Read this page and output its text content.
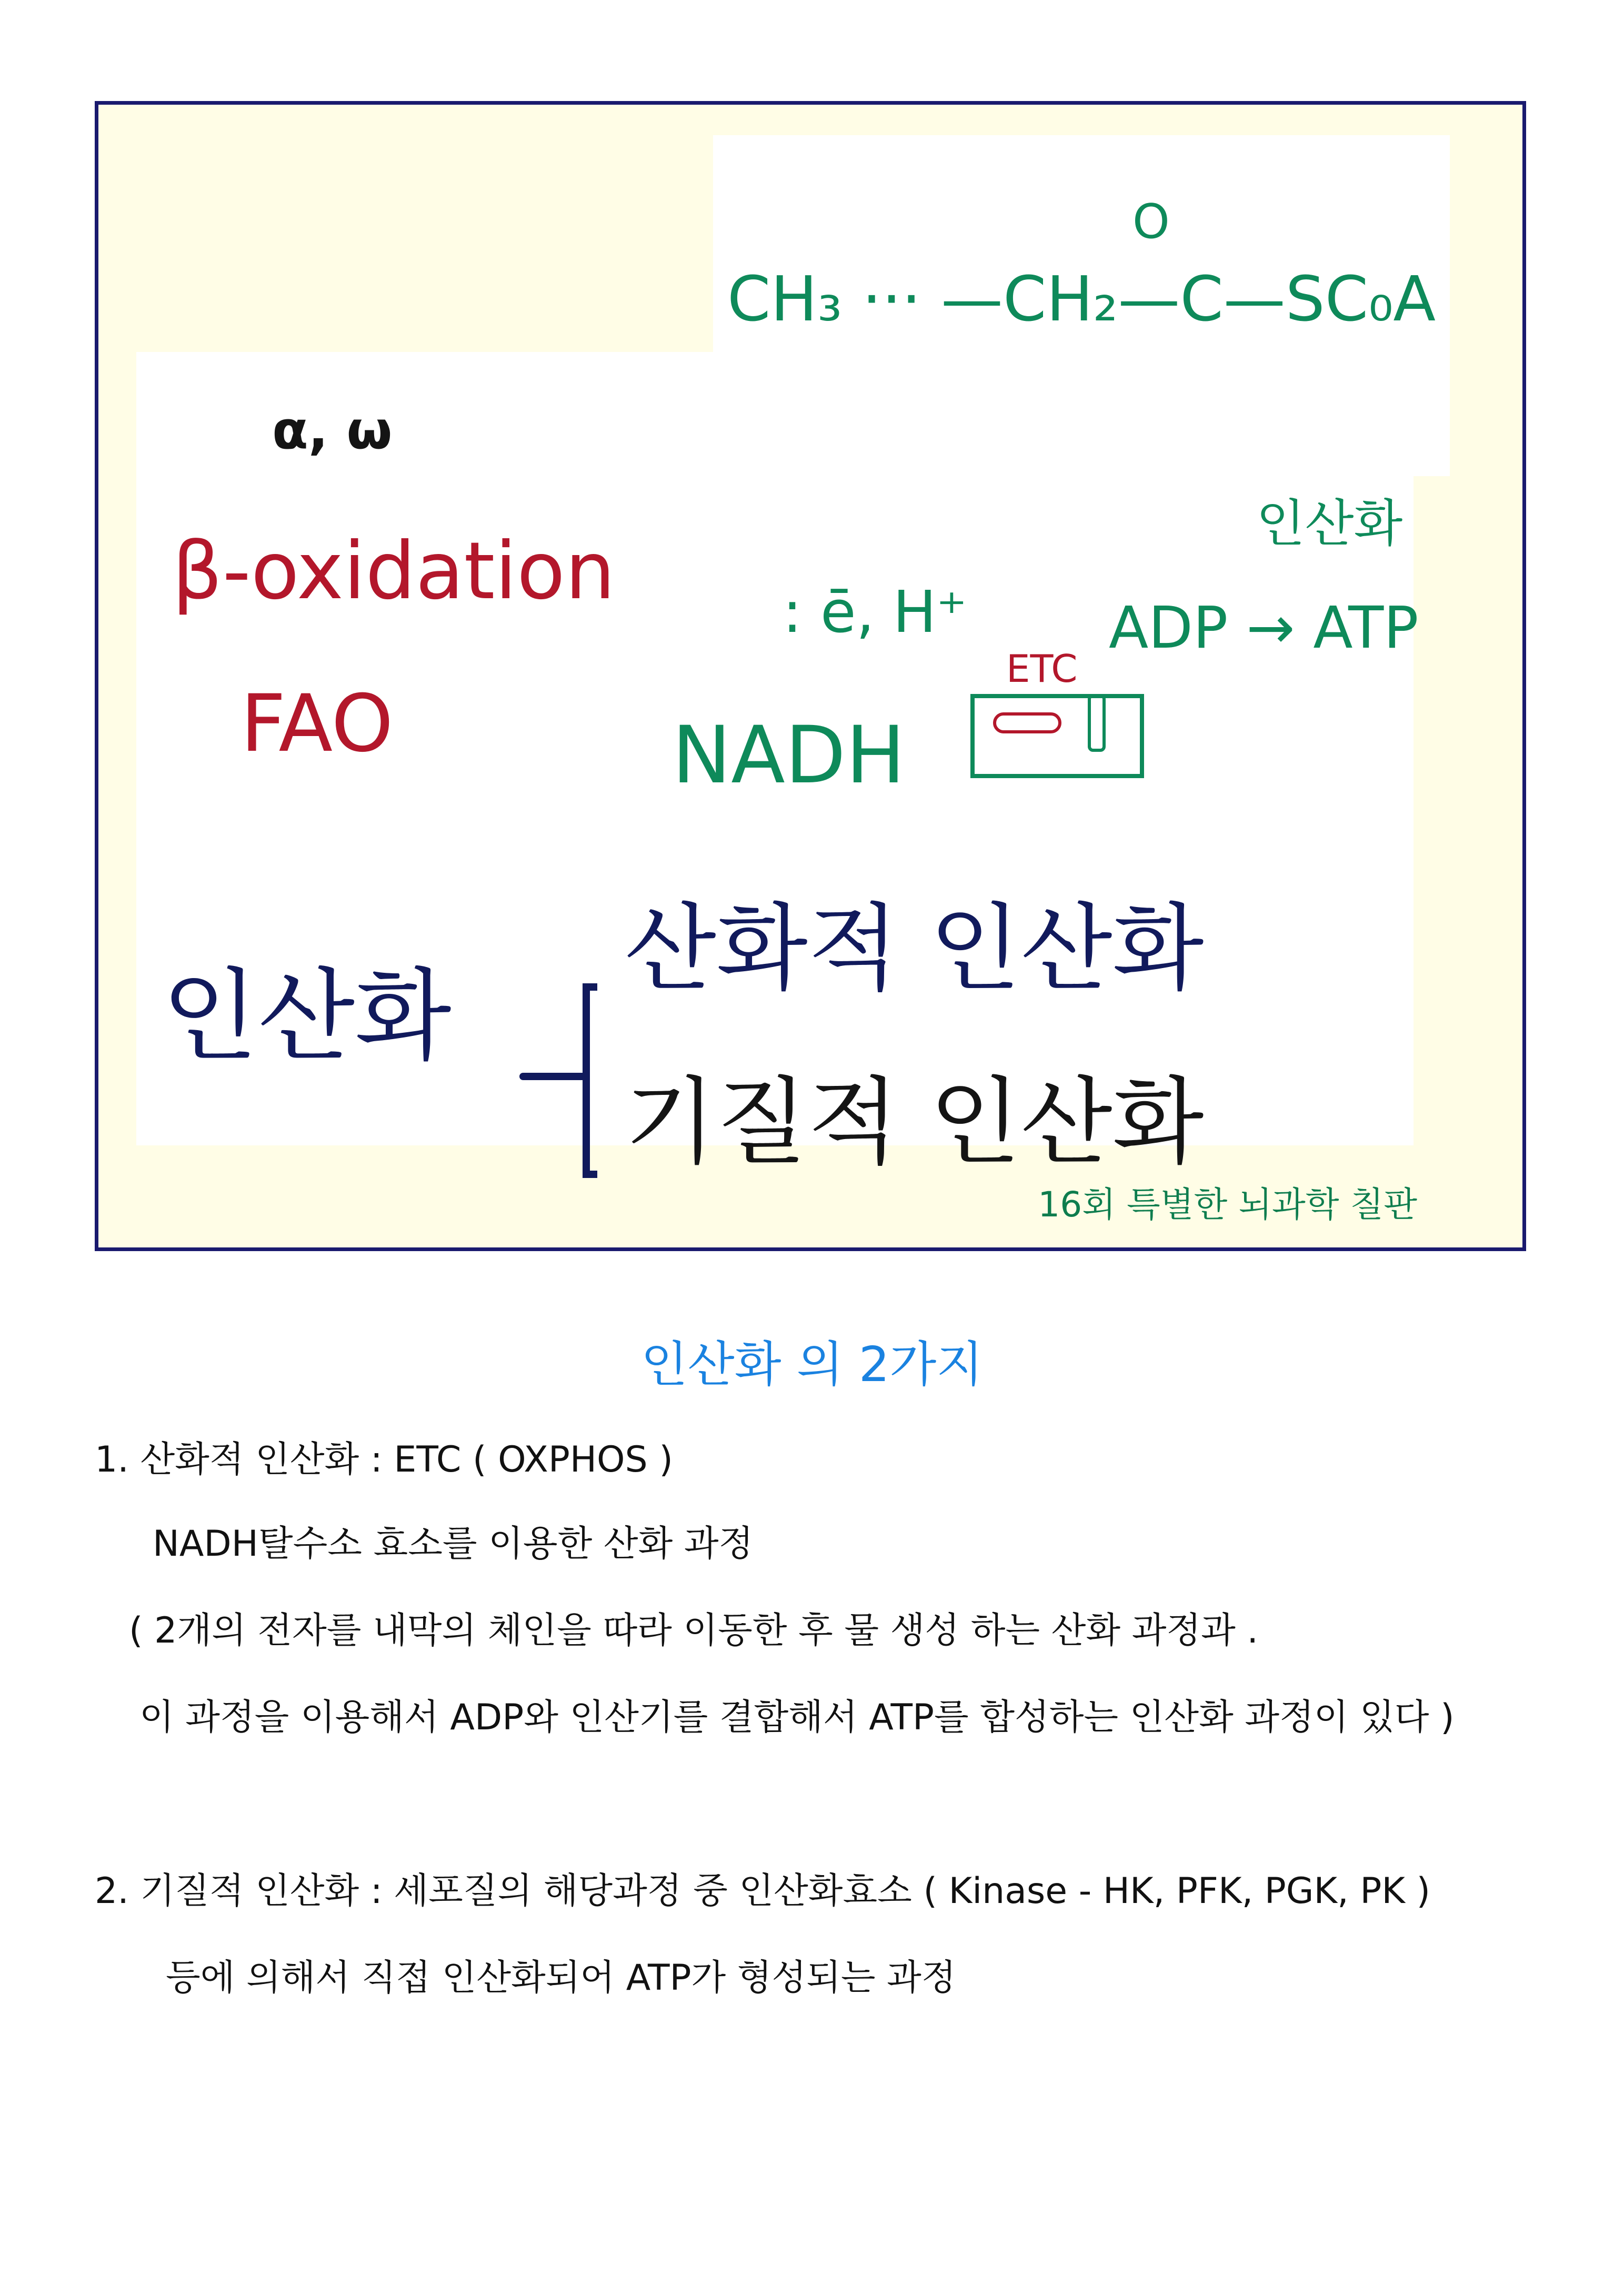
O
CH₃ ··· —CH₂—C—SC₀A
α, ω
β-oxidation
FAO
: ē, H⁺
인산화
ADP → ATP
ETC
NADH
인산화
산화적 인산화
기질적 인산화
16회 특별한 뇌과학 칠판
인산화 의 2가지
1. 산화적 인산화 : ETC ( OXPHOS )
NADH탈수소 효소를 이용한 산화 과정
( 2개의 전자를 내막의 체인을 따라 이동한 후 물 생성 하는 산화 과정과 .
이 과정을 이용해서 ADP와 인산기를 결합해서 ATP를 합성하는 인산화 과정이 있다 )
2. 기질적 인산화 : 세포질의 해당과정 중 인산화효소 ( Kinase - HK, PFK, PGK, PK )
등에 의해서 직접 인산화되어 ATP가 형성되는 과정
